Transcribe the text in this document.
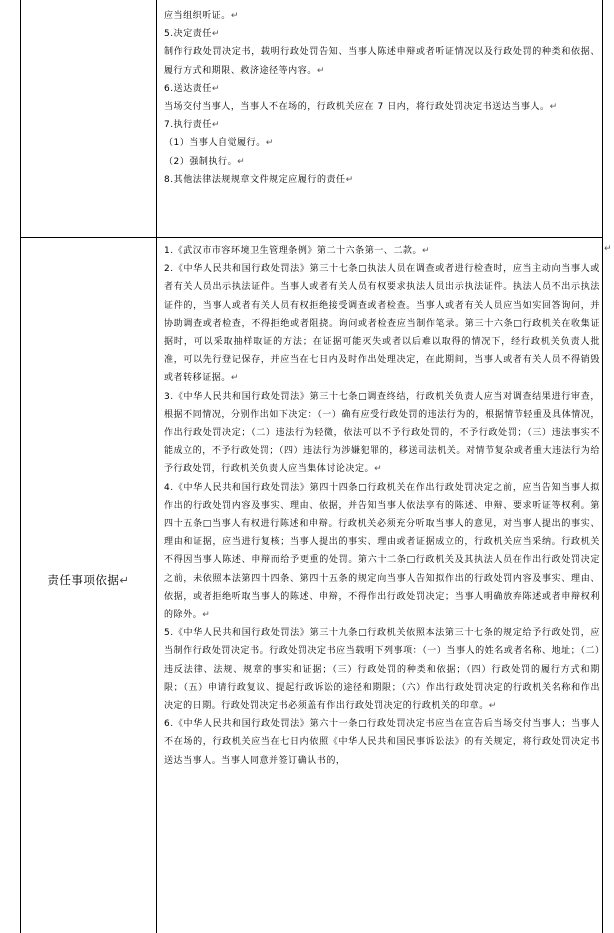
应当组织听证。↵

5.决定责任↵

制作行政处罚决定书，载明行政处罚告知、当事人陈述申辩或者听证情况以及行政处罚的种类和依据、履行方式和期限、救济途径等内容。↵

6.送达责任↵

当场交付当事人，当事人不在场的，行政机关应在 7 日内，将行政处罚决定书送达当事人。↵

7.执行责任↵

（1）当事人自觉履行。↵

（2）强制执行。↵

8.其他法律法规规章文件规定应履行的责任↵

责任事项依据↵

1.《武汉市市容环境卫生管理条例》第二十六条第一、二款。↵

2.《中华人民共和国行政处罚法》第三十七条□执法人员在调查或者进行检查时，应当主动向当事人或者有关人员出示执法证件。当事人或者有关人员有权要求执法人员出示执法证件。执法人员不出示执法证件的，当事人或者有关人员有权拒绝接受调查或者检查。当事人或者有关人员应当如实回答询问，并协助调查或者检查，不得拒绝或者阻挠。询问或者检查应当制作笔录。第三十六条□行政机关在收集证据时，可以采取抽样取证的方法；在证据可能灭失或者以后难以取得的情况下，经行政机关负责人批准，可以先行登记保存，并应当在七日内及时作出处理决定，在此期间，当事人或者有关人员不得销毁或者转移证据。↵

3.《中华人民共和国行政处罚法》第三十七条□调查终结，行政机关负责人应当对调查结果进行审查，根据不同情况，分别作出如下决定：（一）确有应受行政处罚的违法行为的，根据情节轻重及具体情况，作出行政处罚决定；（二）违法行为轻微，依法可以不予行政处罚的，不予行政处罚；（三）违法事实不能成立的，不予行政处罚；（四）违法行为涉嫌犯罪的，移送司法机关。对情节复杂或者重大违法行为给予行政处罚，行政机关负责人应当集体讨论决定。↵

4.《中华人民共和国行政处罚法》第四十四条□行政机关在作出行政处罚决定之前，应当告知当事人拟作出的行政处罚内容及事实、理由、依据，并告知当事人依法享有的陈述、申辩、要求听证等权利。第四十五条□当事人有权进行陈述和申辩。行政机关必须充分听取当事人的意见，对当事人提出的事实、理由和证据，应当进行复核；当事人提出的事实、理由或者证据成立的，行政机关应当采纳。行政机关不得因当事人陈述、申辩而给予更重的处罚。第六十二条□行政机关及其执法人员在作出行政处罚决定之前，未依照本法第四十四条、第四十五条的规定向当事人告知拟作出的行政处罚内容及事实、理由、依据，或者拒绝听取当事人的陈述、申辩，不得作出行政处罚决定；当事人明确放弃陈述或者申辩权利的除外。↵

5.《中华人民共和国行政处罚法》第三十九条□行政机关依照本法第三十七条的规定给予行政处罚，应当制作行政处罚决定书。行政处罚决定书应当载明下列事项：（一）当事人的姓名或者名称、地址；（二）违反法律、法规、规章的事实和证据；（三）行政处罚的种类和依据；（四）行政处罚的履行方式和期限；（五）申请行政复议、提起行政诉讼的途径和期限；（六）作出行政处罚决定的行政机关名称和作出决定的日期。行政处罚决定书必须盖有作出行政处罚决定的行政机关的印章。↵

6.《中华人民共和国行政处罚法》第六十一条□行政处罚决定书应当在宣告后当场交付当事人；当事人不在场的，行政机关应当在七日内依照《中华人民共和国民事诉讼法》的有关规定，将行政处罚决定书送达当事人。当事人同意并签订确认书的，

↵
